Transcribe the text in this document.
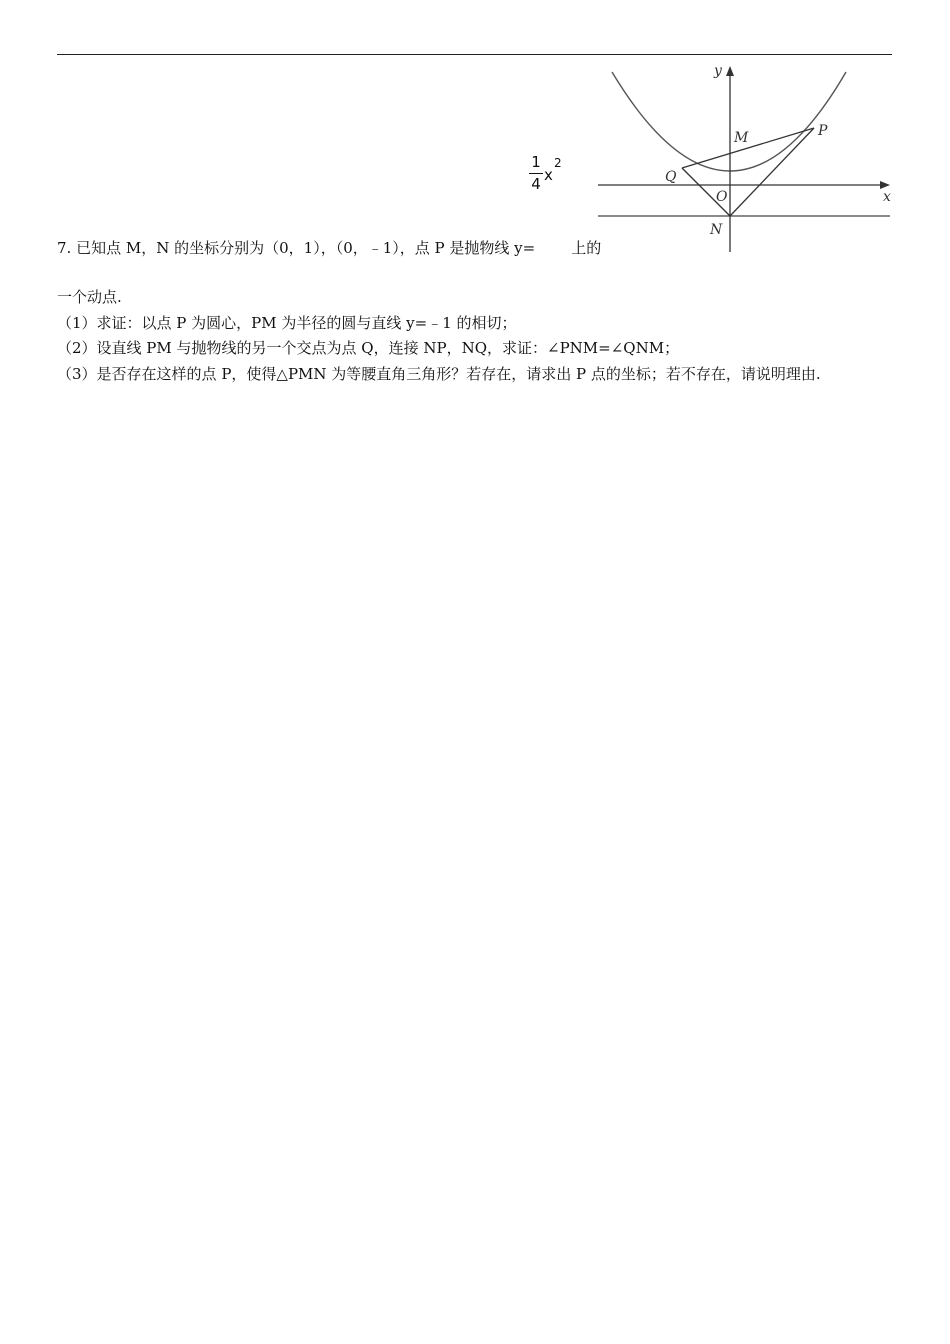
y
x
M	P
Q
O
N
1
4 x
2
7. 已知点 M，N 的坐标分别为（0，1），（0，﹣1），点 P 是抛物线 y= 上的
一个动点.
（1）求证：以点 P 为圆心，PM 为半径的圆与直线 y=﹣1 的相切；
（2）设直线 PM 与抛物线的另一个交点为点 Q，连接 NP，NQ，求证：∠PNM=∠QNM；
（3）是否存在这样的点 P，使得△PMN 为等腰直角三角形？若存在，请求出 P 点的坐标；若不存在，请说明理由.
